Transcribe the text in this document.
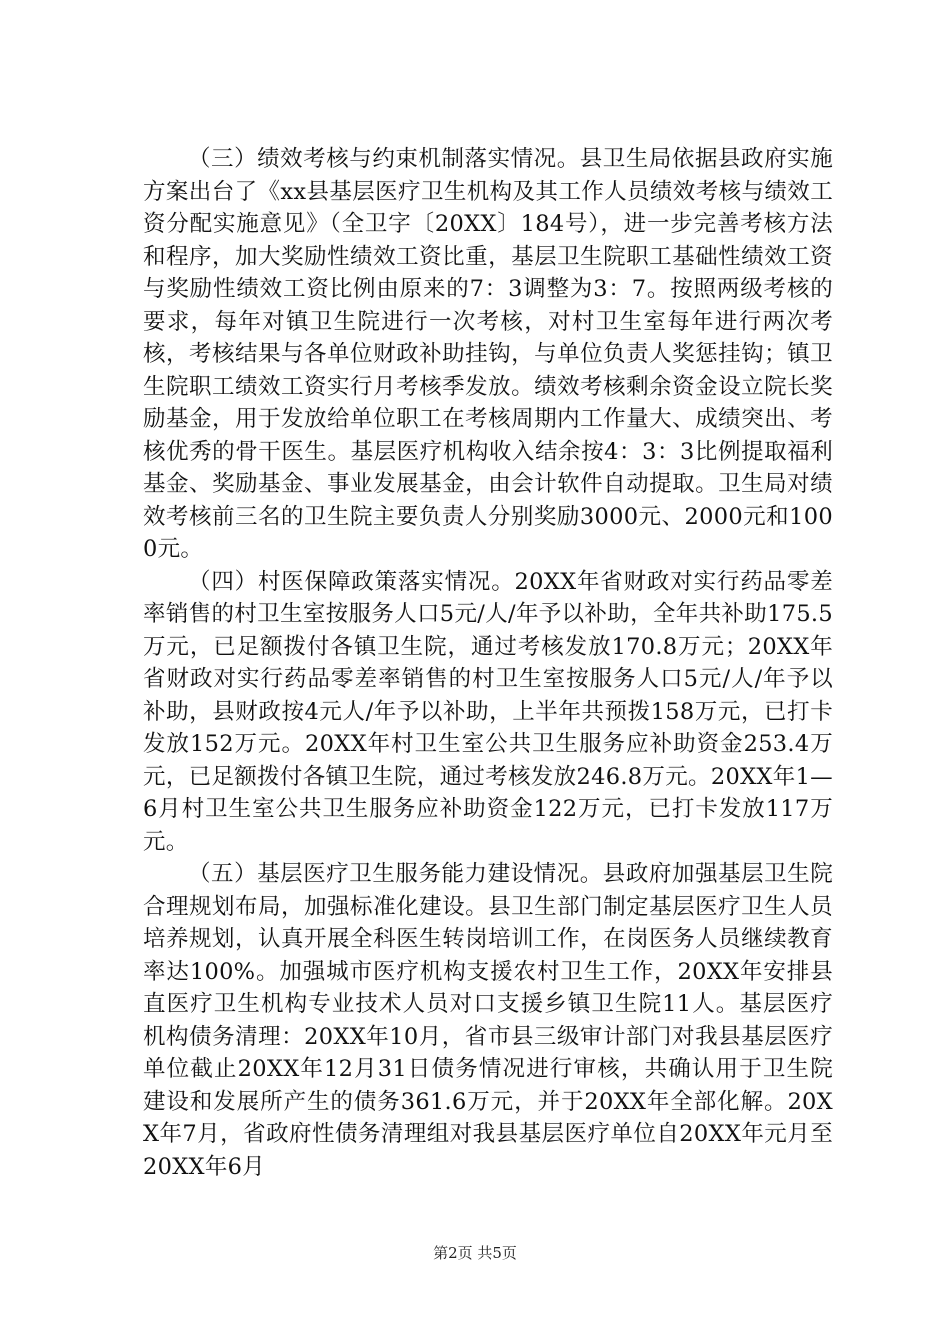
（三）绩效考核与约束机制落实情况。县卫生局依据县政府实施方案出台了《xx县基层医疗卫生机构及其工作人员绩效考核与绩效工资分配实施意见》（全卫字〔20XX〕184号），进一步完善考核方法和程序，加大奖励性绩效工资比重，基层卫生院职工基础性绩效工资与奖励性绩效工资比例由原来的7：3调整为3：7。按照两级考核的要求，每年对镇卫生院进行一次考核，对村卫生室每年进行两次考核，考核结果与各单位财政补助挂钩，与单位负责人奖惩挂钩；镇卫生院职工绩效工资实行月考核季发放。绩效考核剩余资金设立院长奖励基金，用于发放给单位职工在考核周期内工作量大、成绩突出、考核优秀的骨干医生。基层医疗机构收入结余按4：3：3比例提取福利基金、奖励基金、事业发展基金，由会计软件自动提取。卫生局对绩效考核前三名的卫生院主要负责人分别奖励3000元、2000元和1000元。

（四）村医保障政策落实情况。20XX年省财政对实行药品零差率销售的村卫生室按服务人口5元/人/年予以补助，全年共补助175.5万元，已足额拨付各镇卫生院，通过考核发放170.8万元；20XX年省财政对实行药品零差率销售的村卫生室按服务人口5元/人/年予以补助，县财政按4元人/年予以补助，上半年共预拨158万元，已打卡发放152万元。20XX年村卫生室公共卫生服务应补助资金253.4万元，已足额拨付各镇卫生院，通过考核发放246.8万元。20XX年1—6月村卫生室公共卫生服务应补助资金122万元，已打卡发放117万元。

（五）基层医疗卫生服务能力建设情况。县政府加强基层卫生院合理规划布局，加强标准化建设。县卫生部门制定基层医疗卫生人员培养规划，认真开展全科医生转岗培训工作，在岗医务人员继续教育率达100%。加强城市医疗机构支援农村卫生工作，20XX年安排县直医疗卫生机构专业技术人员对口支援乡镇卫生院11人。基层医疗机构债务清理：20XX年10月，省市县三级审计部门对我县基层医疗单位截止20XX年12月31日债务情况进行审核，共确认用于卫生院建设和发展所产生的债务361.6万元，并于20XX年全部化解。20XX年7月，省政府性债务清理组对我县基层医疗单位自20XX年元月至20XX年6月

第2页 共5页
